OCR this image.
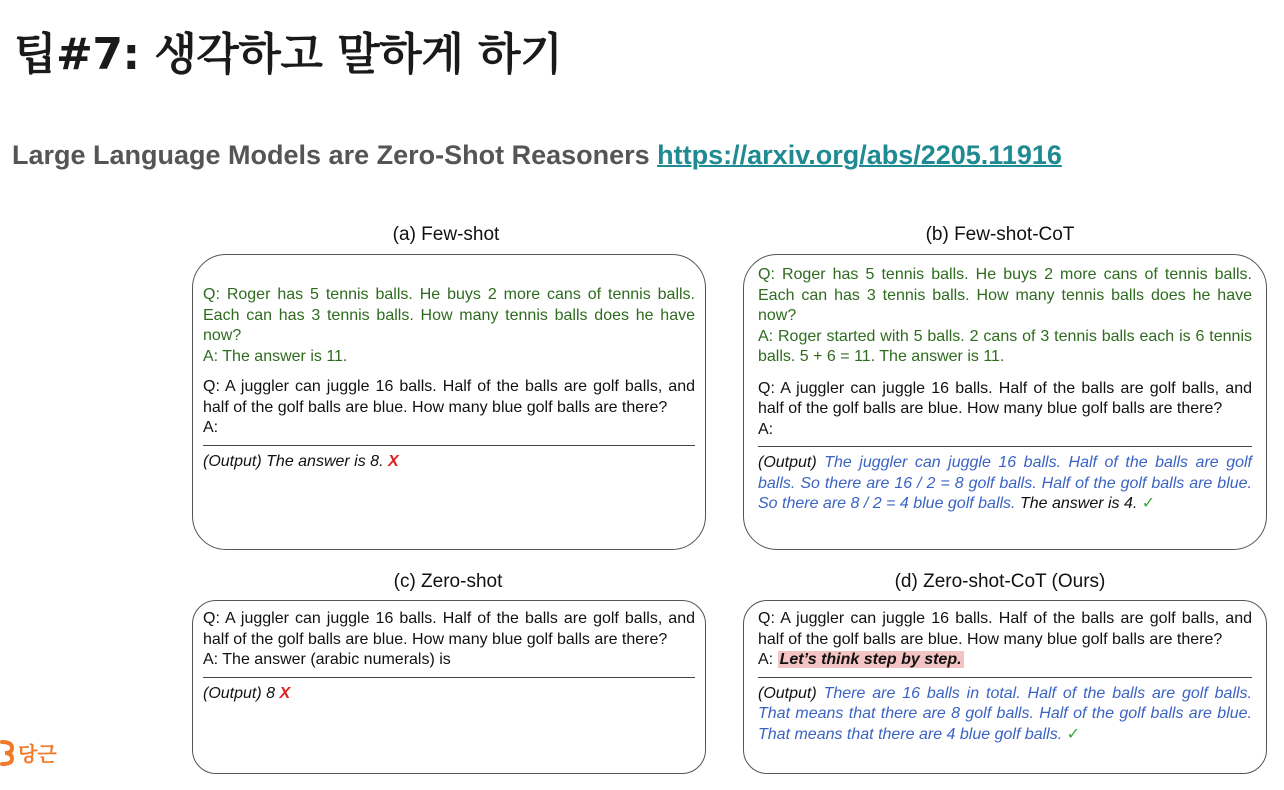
팁#7: 생각하고 말하게 하기
Large Language Models are Zero-Shot Reasoners https://arxiv.org/abs/2205.11916
(a) Few-shot

Q: Roger has 5 tennis balls. He buys 2 more cans of tennis balls. Each can has 3 tennis balls. How many tennis balls does he have now?

A: The answer is 11.

Q: A juggler can juggle 16 balls. Half of the balls are golf balls, and half of the golf balls are blue. How many blue golf balls are there?

A:

(Output) The answer is 8. X

(b) Few-shot-CoT

Q: Roger has 5 tennis balls. He buys 2 more cans of tennis balls. Each can has 3 tennis balls. How many tennis balls does he have now?

A: Roger started with 5 balls. 2 cans of 3 tennis balls each is 6 tennis balls. 5 + 6 = 11. The answer is 11.

Q: A juggler can juggle 16 balls. Half of the balls are golf balls, and half of the golf balls are blue. How many blue golf balls are there?

A:

(Output) The juggler can juggle 16 balls. Half of the balls are golf balls. So there are 16 / 2 = 8 golf balls. Half of the golf balls are blue. So there are 8 / 2 = 4 blue golf balls. The answer is 4. ✓

(c) Zero-shot

Q: A juggler can juggle 16 balls. Half of the balls are golf balls, and half of the golf balls are blue. How many blue golf balls are there?

A: The answer (arabic numerals) is

(Output) 8 X

(d) Zero-shot-CoT (Ours)

Q: A juggler can juggle 16 balls. Half of the balls are golf balls, and half of the golf balls are blue. How many blue golf balls are there?

A: Let’s think step by step.

(Output) There are 16 balls in total. Half of the balls are golf balls. That means that there are 8 golf balls. Half of the golf balls are blue. That means that there are 4 blue golf balls. ✓

당근
